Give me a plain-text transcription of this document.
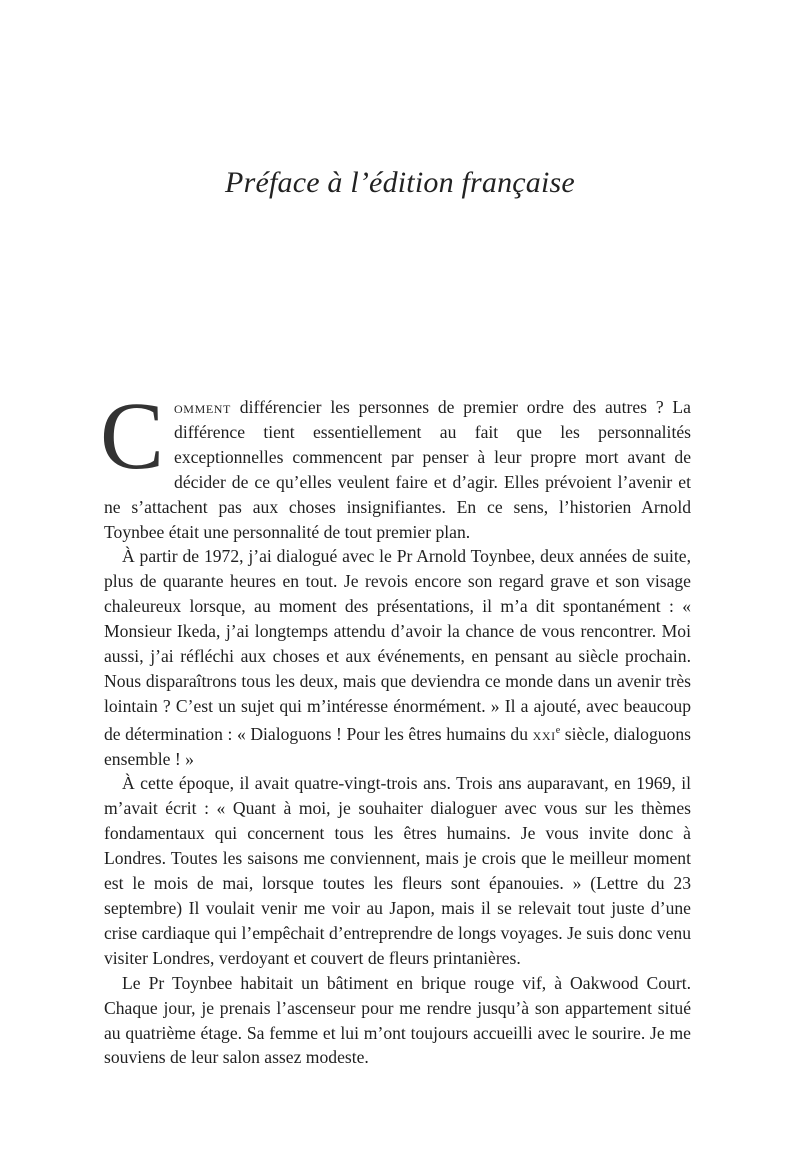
Préface à l’édition française

Comment différencier les personnes de premier ordre des autres ? La différence tient essentiellement au fait que les personnalités exceptionnelles commencent par penser à leur propre mort avant de décider de ce qu’elles veulent faire et d’agir. Elles prévoient l’avenir et ne s’attachent pas aux choses insignifiantes. En ce sens, l’historien Arnold Toynbee était une personnalité de tout premier plan.

À partir de 1972, j’ai dialogué avec le Pr Arnold Toynbee, deux années de suite, plus de quarante heures en tout. Je revois encore son regard grave et son visage chaleureux lorsque, au moment des présentations, il m’a dit spontanément : « Monsieur Ikeda, j’ai longtemps attendu d’avoir la chance de vous rencontrer. Moi aussi, j’ai réfléchi aux choses et aux événements, en pensant au siècle prochain. Nous disparaîtrons tous les deux, mais que deviendra ce monde dans un avenir très lointain ? C’est un sujet qui m’intéresse énormément. » Il a ajouté, avec beaucoup de détermination : « Dialoguons ! Pour les êtres humains du xxi$^e$ siècle, dialoguons ensemble ! »

À cette époque, il avait quatre-vingt-trois ans. Trois ans auparavant, en 1969, il m’avait écrit : « Quant à moi, je souhaiter dialoguer avec vous sur les thèmes fondamentaux qui concernent tous les êtres humains. Je vous invite donc à Londres. Toutes les saisons me conviennent, mais je crois que le meilleur moment est le mois de mai, lorsque toutes les fleurs sont épanouies. » (Lettre du 23 septembre) Il voulait venir me voir au Japon, mais il se relevait tout juste d’une crise cardiaque qui l’empêchait d’entreprendre de longs voyages. Je suis donc venu visiter Londres, verdoyant et couvert de fleurs printanières.

Le Pr Toynbee habitait un bâtiment en brique rouge vif, à Oakwood Court. Chaque jour, je prenais l’ascenseur pour me rendre jusqu’à son appartement situé au quatrième étage. Sa femme et lui m’ont toujours accueilli avec le sourire. Je me souviens de leur salon assez modeste.
